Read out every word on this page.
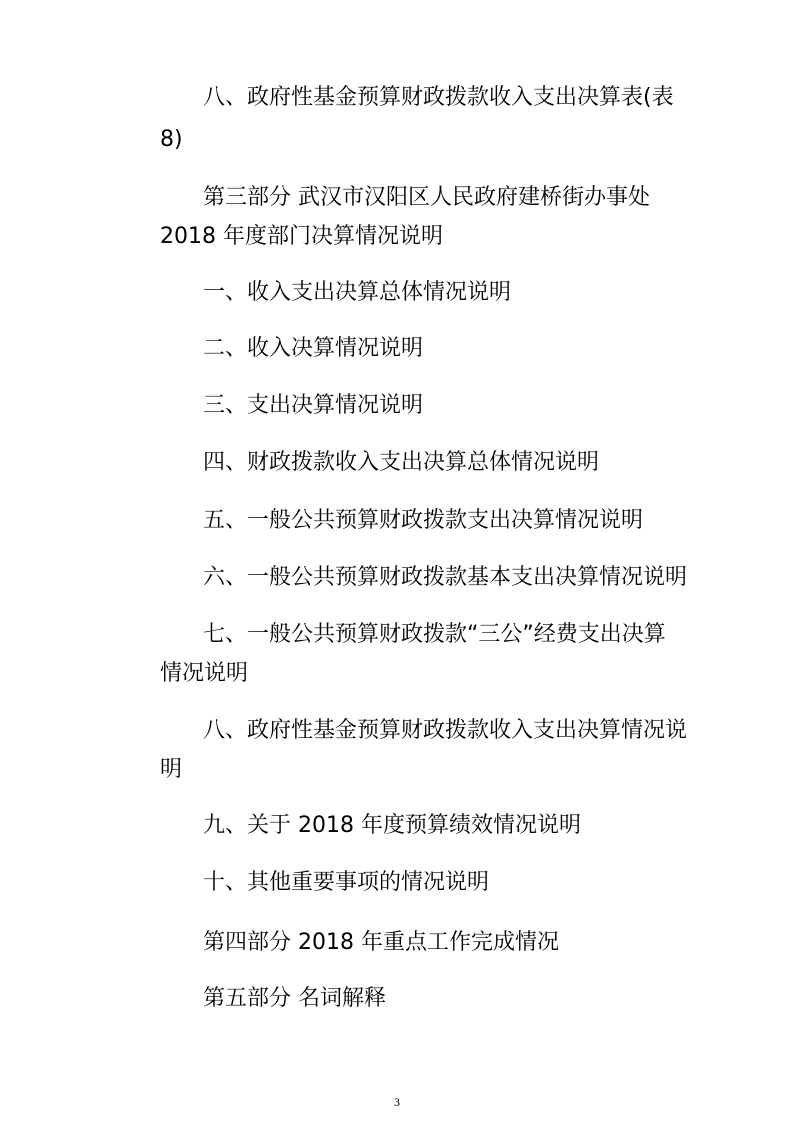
八、政府性基金预算财政拨款收入支出决算表(表

8)

第三部分 武汉市汉阳区人民政府建桥街办事处

2018 年度部门决算情况说明

一、收入支出决算总体情况说明

二、收入决算情况说明

三、支出决算情况说明

四、财政拨款收入支出决算总体情况说明

五、一般公共预算财政拨款支出决算情况说明

六、一般公共预算财政拨款基本支出决算情况说明

七、一般公共预算财政拨款“三公”经费支出决算

情况说明

八、政府性基金预算财政拨款收入支出决算情况说

明

九、关于 2018 年度预算绩效情况说明

十、其他重要事项的情况说明

第四部分 2018 年重点工作完成情况

第五部分 名词解释

3
